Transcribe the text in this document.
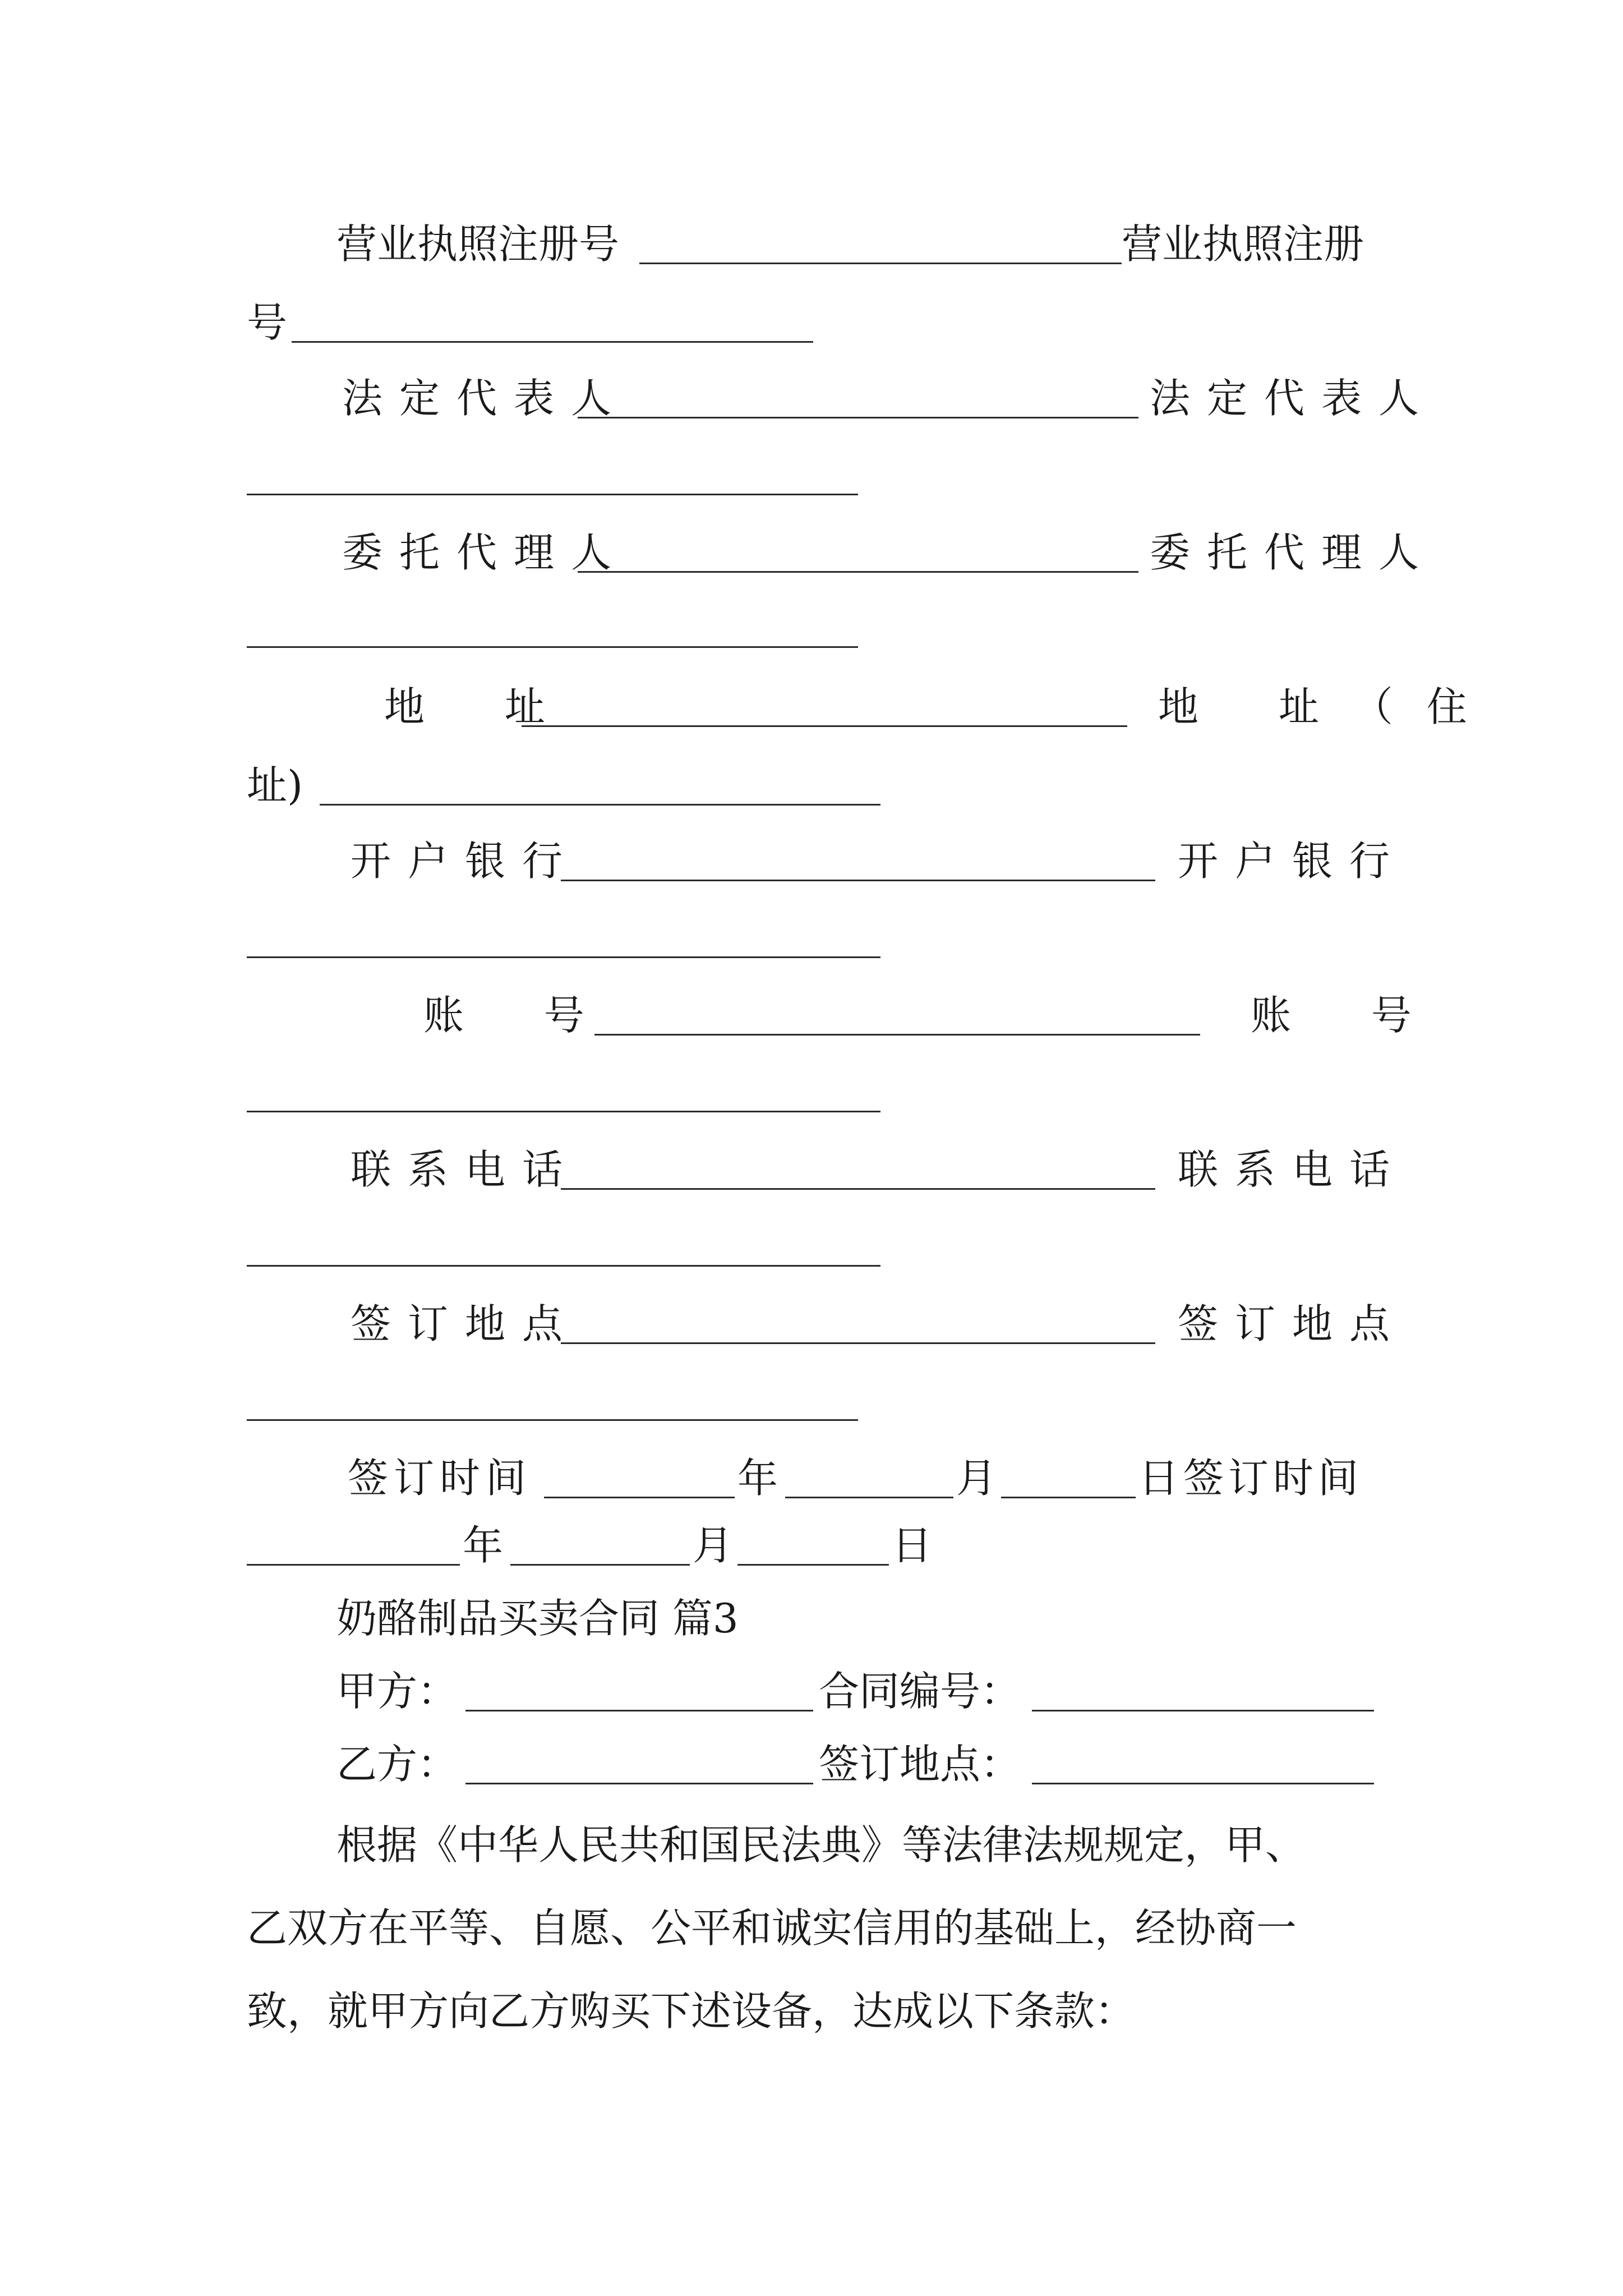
营业执照注册号	营业执照注册
号
法定代表人	法定代表人
委托代理人	委托代理人
地 址	地 址（住
址)
开户银行	开户银行
账 号	账 号
联系电话	联系电话
签订地点	签订地点
签订时间	年	月	日 签订时间
年	月	日
奶酪制品买卖合同 篇3
甲方：	合同编号：
乙方：	签订地点：
根据《中华人民共和国民法典》等法律法规规定，甲、
乙双方在平等、自愿、公平和诚实信用的基础上，经协商一
致，就甲方向乙方购买下述设备，达成以下条款：
